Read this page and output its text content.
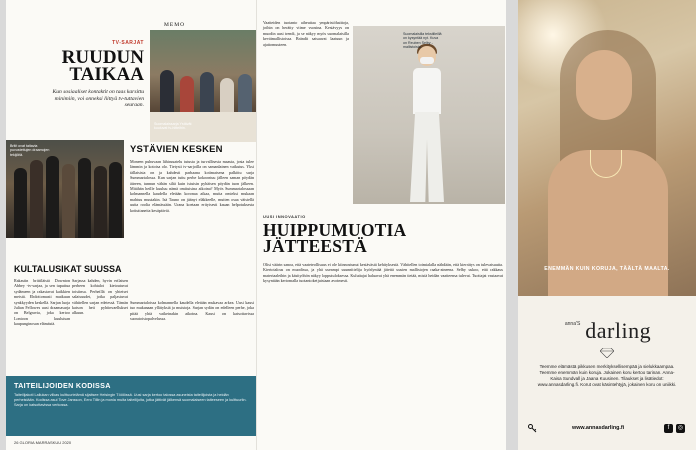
MEMO
Suomalaissarja Ystävät kuuluvat tv-hitteihin.
TV-SARJAT
RUUDUN TAIKAA
Kun sosiaaliset kontaktit on taas karsittu minimiin, voi onneksi liittyä tv-tuttavien seuraan.
Britit ovat taitavia puvustettujen draamojen tekijöitä.	YSTÄVIEN KESKEN

Moneen puhuvaan lähiruuatelu tutusta ja turvallisesta maasta, josta tulee lämmin ja kotoisa olo. Tietysti tv-sarjoilla on samanlainen vaikutus. Yksi tällaisista on ja kahdesti parhaana kotimaisena palkittu sarja Summartalossa. Kun sarjan tuttu perhe kokoontuu jälleen saman pöydän ääreen, tunnun vähän siltä kuin istuisin pyhäisen pöydän tuon jälkeen. Mitähän heille kuuluu nämä omituisina aikoina? Myös Summartalossaan kolmannella kaudella eletään koronaa aikaa, mutta omieksi mukaan mahtuu muutakin. Isä Tauno on jäänyt eläkkeelle, mutten osaa väistellä uutta roolia elämässään. Urana koetaan erityisesti kauan helpotuksesta kotiuttaneita kesäpäiviä.

KULTALUSIKAT SUUSSA

Rakastin brittiläistä Downton Abbey -tv-sarjaa, ja sen tuputtua sydämeen ja rakastavat kaikkien meistä. Ehdottomasti matkuun synkkyyden keskellä. Sarjan luoja Julian Fellowes uusi draamasarja on Belgravia, joka kertoo Lontoon kuuluisan kaupunginosan elämästä.

Sarjassa kahden, hyvin erilaisen perheen kohtalot kietoutuvat toisiinsa. Perheillä on yhteiset salaisuudet, jotka paljastuvat vähitellen sarjan edetessä. Tämän katson heti pyhiinvaellukset alkuun.

Summartaloissa kolmannella kaudella eletään mukavaa arkea. Uusi kausi tuo mukanaan yllätyksiä ja muistoja. Sarjan sydän on edelleen perhe, joka pitää yhtä vaikeinakin aikoina. Kausi on katsottavissa suoratoistopalvelussa.

TAITEILIJOIDEN KODISSA

Taiteilijakoti Lallukan vilkas kulttuurielämä sijaitsee Helsingin Töölössä. Uusi sarja kertoo talossa asuneista taiteilijoista ja heidän perheistään. Kodissa asui Tove Jansson, Eero Tillin ja monia muita taiteilijoita, jotka jättivät jälkensä suomalaiseen taiteeseen ja kulttuuriin. Sarja on katsottavissa verkossa.

26 GLORIA MARRASKUU 2020

Vaatteiden tuotanto aiheuttaa ympäristöhaittoja, joihin on herätty viime vuosina. Kestävyys on muodin uusi trendi, ja se näkyy myös suomalaisilla kevätmallistoissa. Brändit satsaavat laatuun ja ajattomuuteen.

Suomalaisilla tekstiileillä on kysyntää nyt. Kuva on Reuben Selby -mallistoista.
UUSI INNOVAATIO
HUIPPUMUOTIA JÄTTEESTÄ

Olisi väärin sanoa, että vaateteollisuus ei ole kiinnostunut kestävästä kehityksestä. Vähitellen toimialalla nähdään, että kierrätys on tulevaisuutta. Kiertotalous on muodissa, ja yhä useampi suunnittelija hyödyntää jätettä uusien mallistojen raaka-aineena. Selby uskoo, että rakkaus materiaaleihin ja käsityöhön näkyy lopputuloksessa. Kuluttajat haluavat yhä enemmän tietää, mistä heidän vaatteensa tulevat. Tuottajat vastaavat kysyntään kertomalla tuotantoketjuistaan avoimesti.

ENEMMÄN KUIN KORUJA, TÄÄLTÄ MAALTA.
anna'S darling

Teemme elämästä pikkusen merkityksellisempää ja sielukkaampaa. Teemme enemmän kuin koruja. Jokainen koru kertoo tarinan. Anna-Kaisa Sundvall ja Jaana Kuusinen. Tilaukset ja lisätiedot: www.annasdarling.fi. Korut ovat käsintehtyjä, jokainen koru on uniikki.

www.annasdarling.fi	f	◎
